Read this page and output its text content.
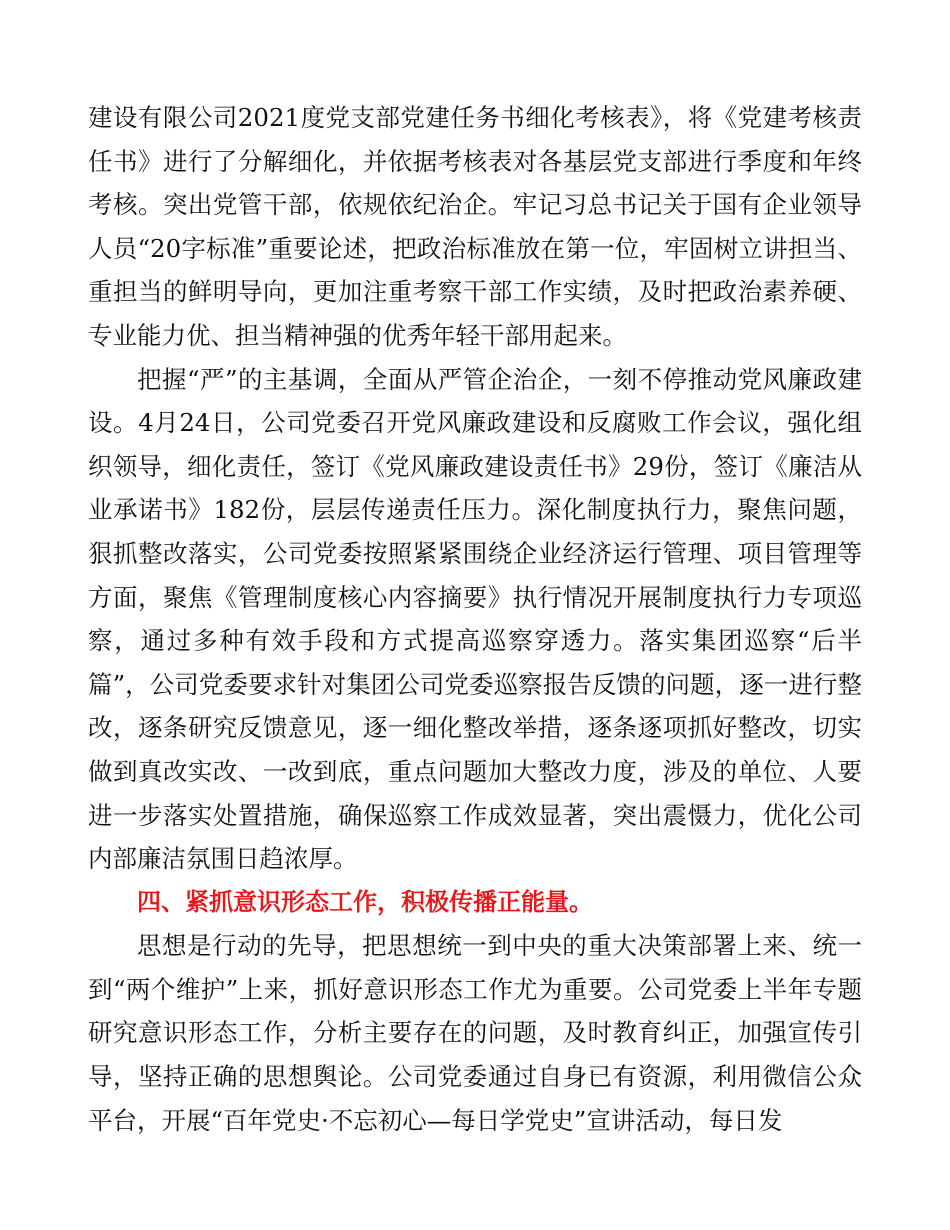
建设有限公司2021度党支部党建任务书细化考核表》，将《党建考核责任书》进行了分解细化，并依据考核表对各基层党支部进行季度和年终考核。突出党管干部，依规依纪治企。牢记习总书记关于国有企业领导人员“20字标准”重要论述，把政治标准放在第一位，牢固树立讲担当、重担当的鲜明导向，更加注重考察干部工作实绩，及时把政治素养硬、专业能力优、担当精神强的优秀年轻干部用起来。

把握“严”的主基调，全面从严管企治企，一刻不停推动党风廉政建设。4月24日，公司党委召开党风廉政建设和反腐败工作会议，强化组织领导，细化责任，签订《党风廉政建设责任书》29份，签订《廉洁从业承诺书》182份，层层传递责任压力。深化制度执行力，聚焦问题，狠抓整改落实，公司党委按照紧紧围绕企业经济运行管理、项目管理等方面，聚焦《管理制度核心内容摘要》执行情况开展制度执行力专项巡察，通过多种有效手段和方式提高巡察穿透力。落实集团巡察“后半篇”，公司党委要求针对集团公司党委巡察报告反馈的问题，逐一进行整改，逐条研究反馈意见，逐一细化整改举措，逐条逐项抓好整改，切实做到真改实改、一改到底，重点问题加大整改力度，涉及的单位、人要进一步落实处置措施，确保巡察工作成效显著，突出震慑力，优化公司内部廉洁氛围日趋浓厚。

四、紧抓意识形态工作，积极传播正能量。

思想是行动的先导，把思想统一到中央的重大决策部署上来、统一到“两个维护”上来，抓好意识形态工作尤为重要。公司党委上半年专题研究意识形态工作，分析主要存在的问题，及时教育纠正，加强宣传引导，坚持正确的思想舆论。公司党委通过自身已有资源，利用微信公众平台，开展“百年党史·不忘初心—每日学党史”宣讲活动，每日发
